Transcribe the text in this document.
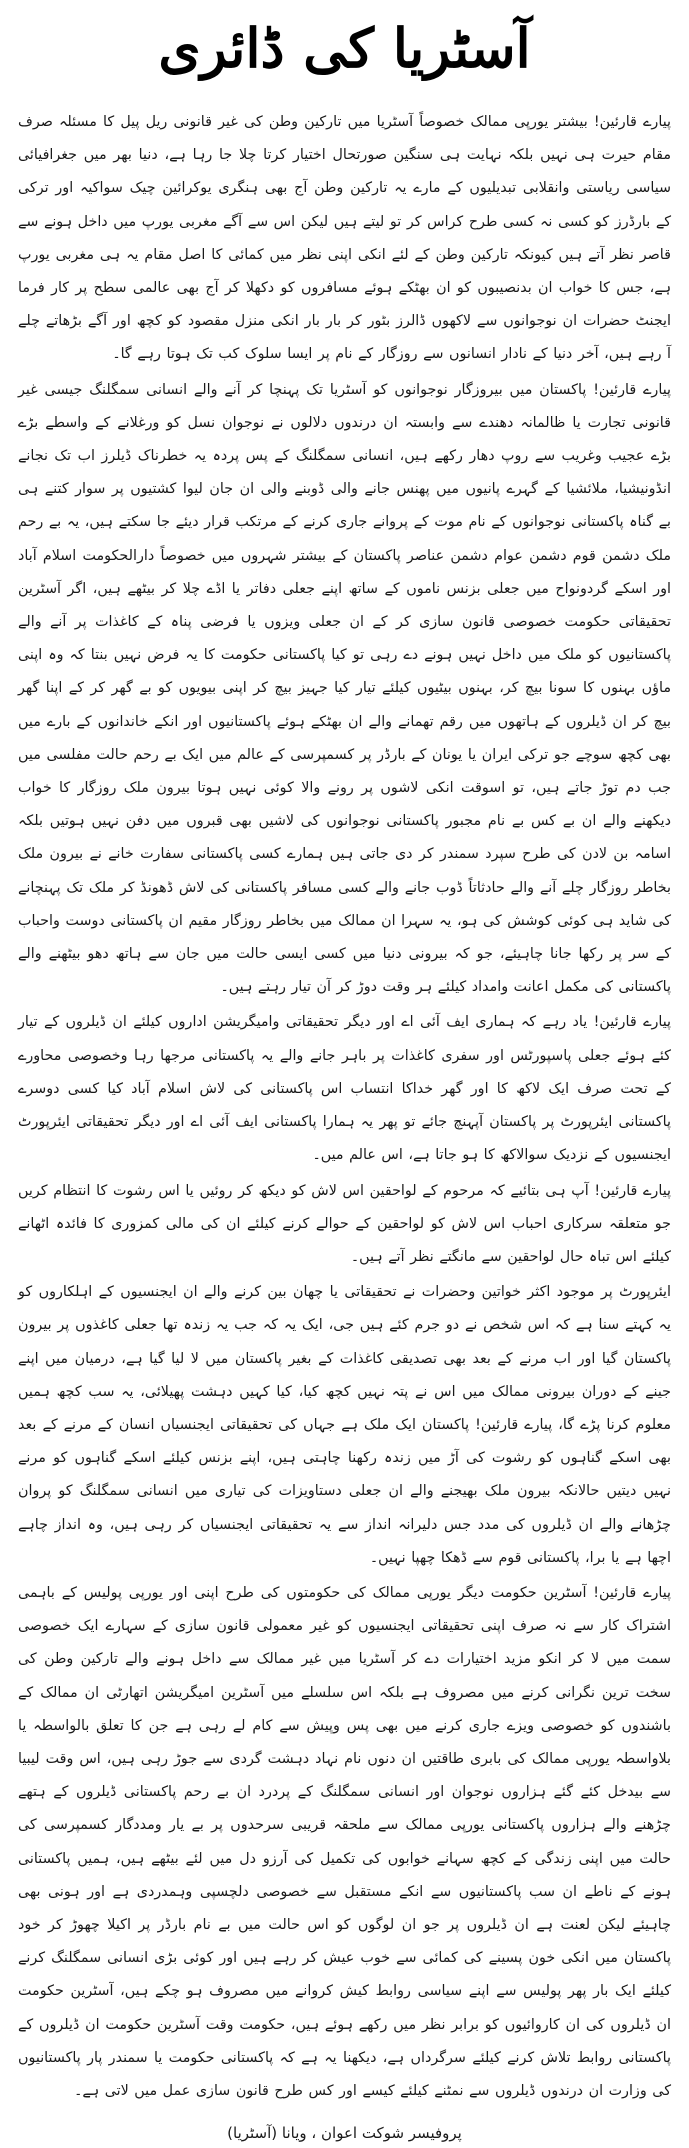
آسٹریا کی ڈائری

پیارے قارئین! بیشتر یورپی ممالک خصوصاً آسٹریا میں تارکین وطن کی غیر قانونی ریل پیل کا مسئلہ صرف مقام حیرت ہی نہیں بلکہ نہایت ہی سنگین صورتحال اختیار کرتا چلا جا رہا ہے، دنیا بھر میں جغرافیائی سیاسی ریاستی وانقلابی تبدیلیوں کے مارے یہ تارکین وطن آج بھی ہنگری یوکرائین چیک سواکیہ اور ترکی کے بارڈرز کو کسی نہ کسی طرح کراس کر تو لیتے ہیں لیکن اس سے آگے مغربی یورپ میں داخل ہونے سے قاصر نظر آتے ہیں کیونکہ تارکین وطن کے لئے انکی اپنی نظر میں کمائی کا اصل مقام یہ ہی مغربی یورپ ہے، جس کا خواب ان بدنصیبوں کو ان بھٹکے ہوئے مسافروں کو دکھلا کر آج بھی عالمی سطح پر کار فرما ایجنٹ حضرات ان نوجوانوں سے لاکھوں ڈالرز بٹور کر بار بار انکی منزل مقصود کو کچھ اور آگے بڑھاتے چلے آ رہے ہیں، آخر دنیا کے نادار انسانوں سے روزگار کے نام پر ایسا سلوک کب تک ہوتا رہے گا۔

پیارے قارئین! پاکستان میں بیروزگار نوجوانوں کو آسٹریا تک پہنچا کر آنے والے انسانی سمگلنگ جیسی غیر قانونی تجارت یا ظالمانہ دھندے سے وابستہ ان درندوں دلالوں نے نوجوان نسل کو ورغلانے کے واسطے بڑے بڑے عجیب وغریب سے روپ دھار رکھے ہیں، انسانی سمگلنگ کے پس پردہ یہ خطرناک ڈیلرز اب تک نجانے انڈونیشیا، ملائشیا کے گہرے پانیوں میں پھنس جانے والی ڈوبنے والی ان جان لیوا کشتیوں پر سوار کتنے ہی بے گناہ پاکستانی نوجوانوں کے نام موت کے پروانے جاری کرنے کے مرتکب قرار دیئے جا سکتے ہیں، یہ بے رحم ملک دشمن قوم دشمن عوام دشمن عناصر پاکستان کے بیشتر شہروں میں خصوصاً دارالحکومت اسلام آباد اور اسکے گردونواح میں جعلی بزنس ناموں کے ساتھ اپنے جعلی دفاتر یا اڈے چلا کر بیٹھے ہیں، اگر آسٹرین تحقیقاتی حکومت خصوصی قانون سازی کر کے ان جعلی ویزوں یا فرضی پناہ کے کاغذات پر آنے والے پاکستانیوں کو ملک میں داخل نہیں ہونے دے رہی تو کیا پاکستانی حکومت کا یہ فرض نہیں بنتا کہ وہ اپنی ماؤں بہنوں کا سونا بیچ کر، بہنوں بیٹیوں کیلئے تیار کیا جہیز بیچ کر اپنی بیویوں کو بے گھر کر کے اپنا گھر بیچ کر ان ڈیلروں کے ہاتھوں میں رقم تھمانے والے ان بھٹکے ہوئے پاکستانیوں اور انکے خاندانوں کے بارے میں بھی کچھ سوچے جو ترکی ایران یا یونان کے بارڈر پر کسمپرسی کے عالم میں ایک بے رحم حالت مفلسی میں جب دم توڑ جاتے ہیں، تو اسوقت انکی لاشوں پر رونے والا کوئی نہیں ہوتا بیرون ملک روزگار کا خواب دیکھنے والے ان بے کس بے نام مجبور پاکستانی نوجوانوں کی لاشیں بھی قبروں میں دفن نہیں ہوتیں بلکہ اسامہ بن لادن کی طرح سپرد سمندر کر دی جاتی ہیں ہمارے کسی پاکستانی سفارت خانے نے بیرون ملک بخاطر روزگار چلے آنے والے حادثاتاً ڈوب جانے والے کسی مسافر پاکستانی کی لاش ڈھونڈ کر ملک تک پہنچانے کی شاید ہی کوئی کوشش کی ہو، یہ سہرا ان ممالک میں بخاطر روزگار مقیم ان پاکستانی دوست واحباب کے سر پر رکھا جانا چاہیئے، جو کہ بیرونی دنیا میں کسی ایسی حالت میں جان سے ہاتھ دھو بیٹھنے والے پاکستانی کی مکمل اعانت وامداد کیلئے ہر وقت دوڑ کر آن تیار رہتے ہیں۔

پیارے قارئین! یاد رہے کہ ہماری ایف آئی اے اور دیگر تحقیقاتی وامیگریشن اداروں کیلئے ان ڈیلروں کے تیار کئے ہوئے جعلی پاسپورٹس اور سفری کاغذات پر باہر جانے والے یہ پاکستانی مرجھا رہا وخصوصی محاورے کے تحت صرف ایک لاکھ کا اور گھر خداکا انتساب اس پاکستانی کی لاش اسلام آباد کیا کسی دوسرے پاکستانی ایئرپورٹ پر پاکستان آپہنچ جائے تو پھر یہ ہمارا پاکستانی ایف آئی اے اور دیگر تحقیقاتی ایئرپورٹ ایجنسیوں کے نزدیک سوالاکھ کا ہو جاتا ہے، اس عالم میں۔

پیارے قارئین! آپ ہی بتائیے کہ مرحوم کے لواحقین اس لاش کو دیکھ کر روئیں یا اس رشوت کا انتظام کریں جو متعلقہ سرکاری احباب اس لاش کو لواحقین کے حوالے کرنے کیلئے ان کی مالی کمزوری کا فائدہ اٹھانے کیلئے اس تباہ حال لواحقین سے مانگتے نظر آتے ہیں۔

ایئرپورٹ پر موجود اکثر خواتین وحضرات نے تحقیقاتی یا چھان بین کرنے والے ان ایجنسیوں کے اہلکاروں کو یہ کہتے سنا ہے کہ اس شخص نے دو جرم کئے ہیں جی، ایک یہ کہ جب یہ زندہ تھا جعلی کاغذوں پر بیرون پاکستان گیا اور اب مرنے کے بعد بھی تصدیقی کاغذات کے بغیر پاکستان میں لا لیا گیا ہے، درمیان میں اپنے جینے کے دوران بیرونی ممالک میں اس نے پتہ نہیں کچھ کیا، کیا کہیں دہشت پھیلائی، یہ سب کچھ ہمیں معلوم کرنا پڑے گا، پیارے قارئین! پاکستان ایک ملک ہے جہاں کی تحقیقاتی ایجنسیاں انسان کے مرنے کے بعد بھی اسکے گناہوں کو رشوت کی آڑ میں زندہ رکھنا چاہتی ہیں، اپنے بزنس کیلئے اسکے گناہوں کو مرنے نہیں دیتیں حالانکہ بیرون ملک بھیجنے والے ان جعلی دستاویزات کی تیاری میں انسانی سمگلنگ کو پروان چڑھانے والے ان ڈیلروں کی مدد جس دلیرانہ انداز سے یہ تحقیقاتی ایجنسیاں کر رہی ہیں، وہ انداز چاہے اچھا ہے یا برا، پاکستانی قوم سے ڈھکا چھپا نہیں۔

پیارے قارئین! آسٹرین حکومت دیگر یورپی ممالک کی حکومتوں کی طرح اپنی اور یورپی پولیس کے باہمی اشتراک کار سے نہ صرف اپنی تحقیقاتی ایجنسیوں کو غیر معمولی قانون سازی کے سہارے ایک خصوصی سمت میں لا کر انکو مزید اختیارات دے کر آسٹریا میں غیر ممالک سے داخل ہونے والے تارکین وطن کی سخت ترین نگرانی کرنے میں مصروف ہے بلکہ اس سلسلے میں آسٹرین امیگریشن اتھارٹی ان ممالک کے باشندوں کو خصوصی ویزے جاری کرنے میں بھی پس وپیش سے کام لے رہی ہے جن کا تعلق بالواسطہ یا بلاواسطہ یورپی ممالک کی بابری طاقتیں ان دنوں نام نہاد دہشت گردی سے جوڑ رہی ہیں، اس وقت لیبیا سے بیدخل کئے گئے ہزاروں نوجوان اور انسانی سمگلنگ کے پردرد ان بے رحم پاکستانی ڈیلروں کے ہتھے چڑھنے والے ہزاروں پاکستانی یورپی ممالک سے ملحقہ قریبی سرحدوں پر بے یار ومددگار کسمپرسی کی حالت میں اپنی زندگی کے کچھ سہانے خوابوں کی تکمیل کی آرزو دل میں لئے بیٹھے ہیں، ہمیں پاکستانی ہونے کے ناطے ان سب پاکستانیوں سے انکے مستقبل سے خصوصی دلچسپی وہمدردی ہے اور ہونی بھی چاہیئے لیکن لعنت ہے ان ڈیلروں پر جو ان لوگوں کو اس حالت میں بے نام بارڈر پر اکیلا چھوڑ کر خود پاکستان میں انکی خون پسینے کی کمائی سے خوب عیش کر رہے ہیں اور کوئی بڑی انسانی سمگلنگ کرنے کیلئے ایک بار پھر پولیس سے اپنے سیاسی روابط کیش کروانے میں مصروف ہو چکے ہیں، آسٹرین حکومت ان ڈیلروں کی ان کاروائیوں کو برابر نظر میں رکھے ہوئے ہیں، حکومت وقت آسٹرین حکومت ان ڈیلروں کے پاکستانی روابط تلاش کرنے کیلئے سرگرداں ہے، دیکھنا یہ ہے کہ پاکستانی حکومت یا سمندر پار پاکستانیوں کی وزارت ان درندوں ڈیلروں سے نمٹنے کیلئے کیسے اور کس طرح قانون سازی عمل میں لاتی ہے۔

پروفیسر شوکت اعوان ، ویانا (آسٹریا)
